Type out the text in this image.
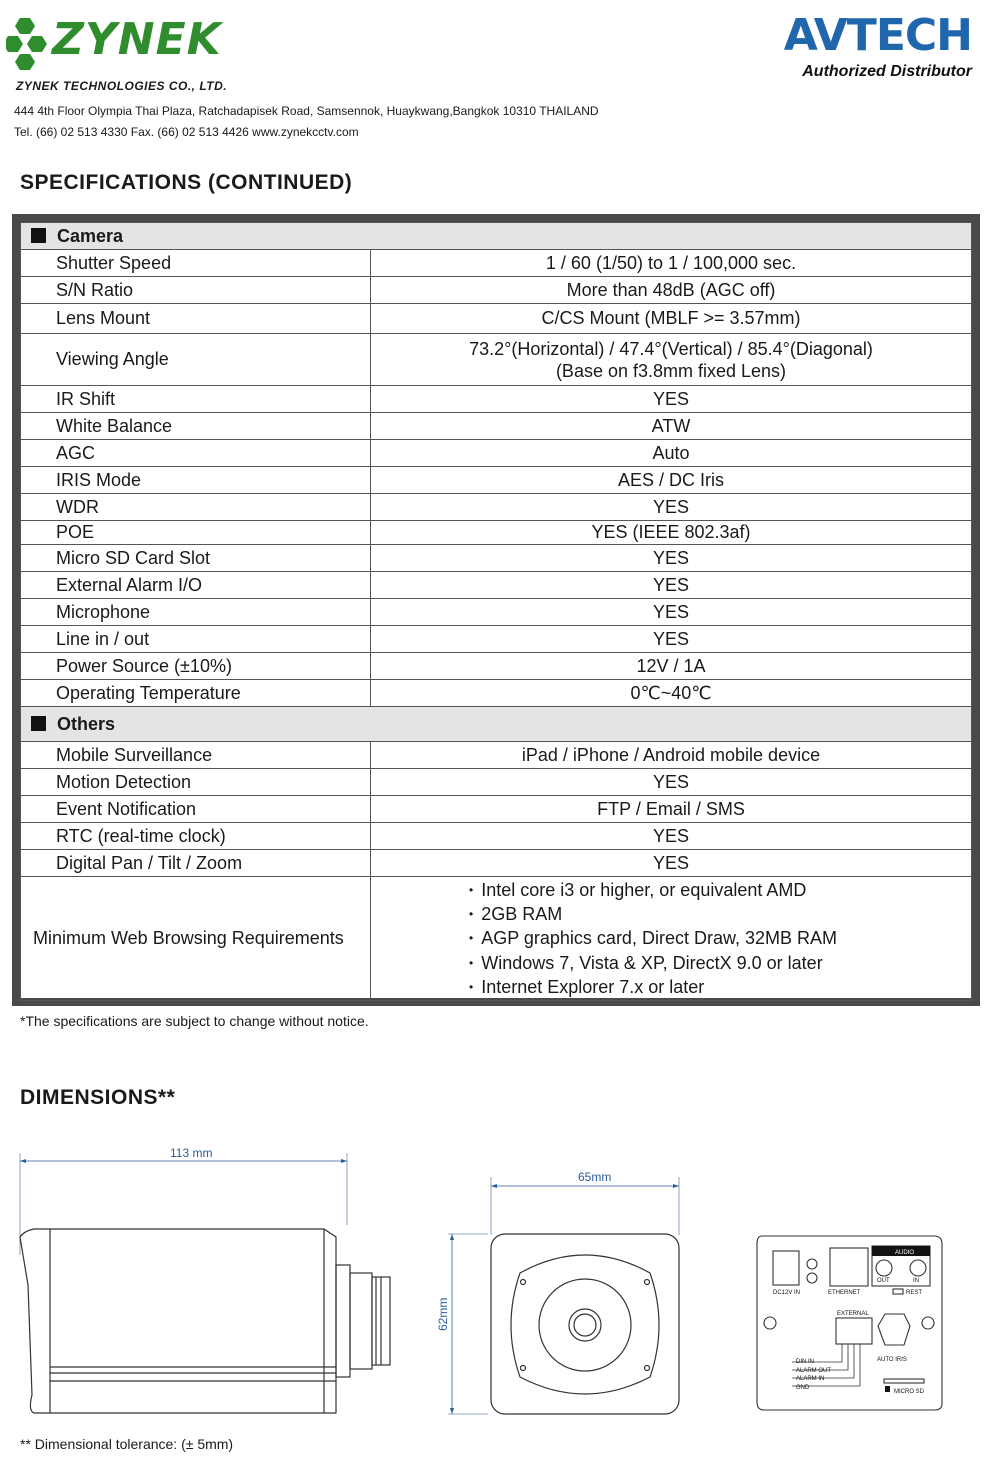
ZYNEK
ZYNEK TECHNOLOGIES CO., LTD.
444 4th Floor Olympia Thai Plaza, Ratchadapisek Road, Samsennok, Huaykwang,Bangkok 10310 THAILAND
Tel. (66) 02 513 4330 Fax. (66) 02 513 4426 www.zynekcctv.com
AVTECH
Authorized Distributor
SPECIFICATIONS (CONTINUED)
Camera	
Shutter Speed	1 / 60 (1/50) to 1 / 100,000 sec.
S/N Ratio	More than 48dB (AGC off)
Lens Mount	C/CS Mount (MBLF >= 3.57mm)
Viewing Angle	73.2°(Horizontal) / 47.4°(Vertical) / 85.4°(Diagonal)
(Base on f3.8mm fixed Lens)

IR Shift	YES
White Balance	ATW
AGC	Auto
IRIS Mode	AES / DC Iris
WDR	YES
POE	YES (IEEE 802.3af)
Micro SD Card Slot	YES
External Alarm I/O	YES
Microphone	YES
Line in / out	YES
Power Source (±10%)	12V / 1A
Operating Temperature	0℃~40℃
Others	
Mobile Surveillance	iPad / iPhone / Android mobile device
Motion Detection	YES
Event Notification	FTP / Email / SMS
RTC (real-time clock)	YES
Digital Pan / Tilt / Zoom	YES
Minimum Web Browsing Requirements	• Intel core i3 or higher, or equivalent AMD
• 2GB RAM
• AGP graphics card, Direct Draw, 32MB RAM
• Windows 7, Vista & XP, DirectX 9.0 or later
• Internet Explorer 7.x or later
*The specifications are subject to change without notice.
DIMENSIONS**
113 mm
65mm
62mm
AUDIO
OUT	IN
DC12V IN	ETHERNET	REST
EXTERNAL
AUTO IRIS
DIN IN
ALARM OUT
ALARM IN
GND
MICRO SD
** Dimensional tolerance: (± 5mm)
